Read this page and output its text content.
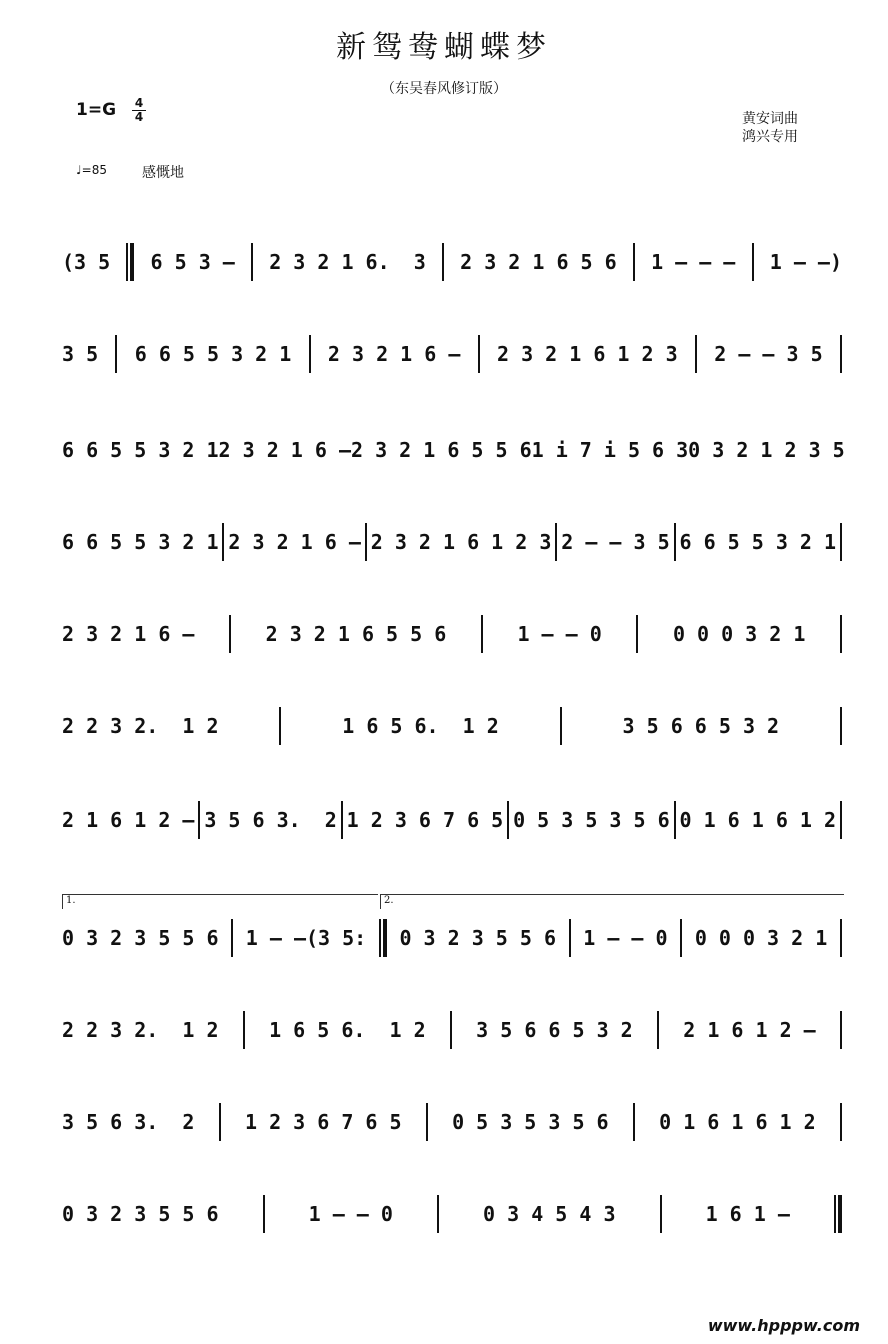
新鸳鸯蝴蝶梦
（东吴春风修订版）
1=G 4
4	黄安词曲
鸿兴专用
♩=85	感慨地
(3 5 6 5 3 – 2 3 2 1 6.  3 2 3 2 1 6 5 6 1 – – – 1 – –)
3 5 6 6 5 5 3 2 1 2 3 2 1 6 – 2 3 2 1 6 1 2 3 2 – – 3 5
6 6 5 5 3 2 1 2 3 2 1 6 – 2 3 2 1 6 5 5 6 1 i 7 i 5 6 3 0 3 2 1 2 3 5
6 6 5 5 3 2 1 2 3 2 1 6 – 2 3 2 1 6 1 2 3 2 – – 3 5 6 6 5 5 3 2 1
2 3 2 1 6 –	2 3 2 1 6 5 5 6	1 – – 0	0 0 0 3 2 1
2 2 3 2.  1 2	1 6 5 6.  1 2	3 5 6 6 5 3 2
2 1 6 1 2 – 3 5 6 3.  2 1 2 3 6 7 6 5 0 5 3 5 3 5 6 0 1 6 1 6 1 2
0 3 2 3 5 5 6 1 – –(3 5: 0 3 2 3 5 5 6 1 – – 0 0 0 0 3 2 1
2 2 3 2.  1 2	1 6 5 6.  1 2	3 5 6 6 5 3 2	2 1 6 1 2 –
3 5 6 3.  2	1 2 3 6 7 6 5	0 5 3 5 3 5 6	0 1 6 1 6 1 2
0 3 2 3 5 5 6	1 – – 0	0 3 4 5 4 3	1 6 1 –
1.	2.
www.hpppw.com
